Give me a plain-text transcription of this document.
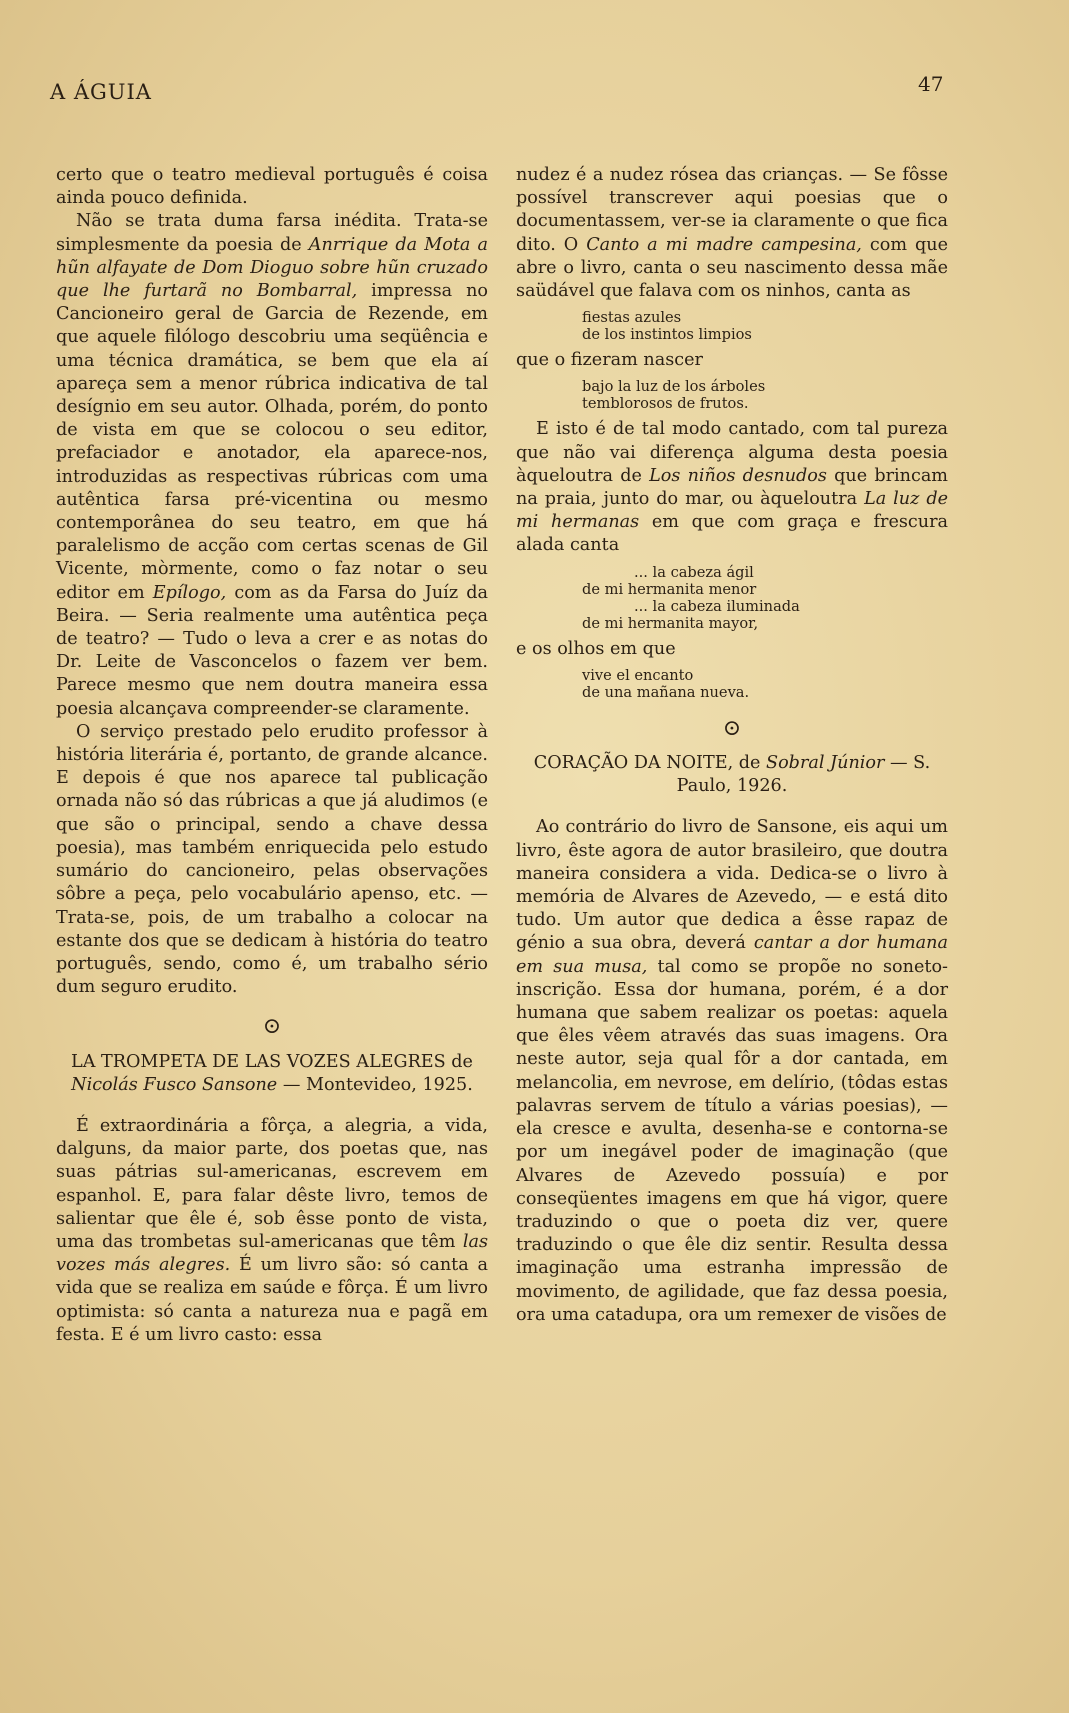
A ÁGUIA	47

certo que o teatro medieval português é coisa ainda pouco definida.

Não se trata duma farsa inédita. Trata-se simplesmente da poesia de Anrrique da Mota a hũn alfayate de Dom Dioguo sobre hũn cruzado que lhe furtarã no Bombarral, impressa no Cancioneiro geral de Garcia de Rezende, em que aquele filólogo descobriu uma seqüência e uma técnica dramática, se bem que ela aí apareça sem a menor rúbrica indicativa de tal desígnio em seu autor. Olhada, porém, do ponto de vista em que se colocou o seu editor, prefaciador e anotador, ela aparece-nos, introduzidas as respectivas rúbricas com uma autêntica farsa pré-vicentina ou mesmo contemporânea do seu teatro, em que há paralelismo de acção com certas scenas de Gil Vicente, mòrmente, como o faz notar o seu editor em Epílogo, com as da Farsa do Juíz da Beira. — Seria realmente uma autêntica peça de teatro? — Tudo o leva a crer e as notas do Dr. Leite de Vasconcelos o fazem ver bem. Parece mesmo que nem doutra maneira essa poesia alcançava compreender-se claramente.

O serviço prestado pelo erudito professor à história literária é, portanto, de grande alcance. E depois é que nos aparece tal publicação ornada não só das rúbricas a que já aludimos (e que são o principal, sendo a chave dessa poesia), mas também enriquecida pelo estudo sumário do cancioneiro, pelas observações sôbre a peça, pelo vocabulário apenso, etc. — Trata-se, pois, de um trabalho a colocar na estante dos que se dedicam à história do teatro português, sendo, como é, um trabalho sério dum seguro erudito.

⊙
LA TROMPETA DE LAS VOZES ALEGRES de Nicolás Fusco Sansone — Montevideo, 1925.

É extraordinária a fôrça, a alegria, a vida, dalguns, da maior parte, dos poetas que, nas suas pátrias sul-americanas, escrevem em espanhol. E, para falar dêste livro, temos de salientar que êle é, sob êsse ponto de vista, uma das trombetas sul-americanas que têm las vozes más alegres. É um livro são: só canta a vida que se realiza em saúde e fôrça. É um livro optimista: só canta a natureza nua e pagã em festa. E é um livro casto: essa

nudez é a nudez rósea das crianças. — Se fôsse possível transcrever aqui poesias que o documentassem, ver-se ia claramente o que fica dito. O Canto a mi madre campesina, com que abre o livro, canta o seu nascimento dessa mãe saüdável que falava com os ninhos, canta as

fiestas azules
de los instintos limpios

que o fizeram nascer

bajo la luz de los árboles
temblorosos de frutos.

E isto é de tal modo cantado, com tal pureza que não vai diferença alguma desta poesia àqueloutra de Los niños desnudos que brincam na praia, junto do mar, ou àqueloutra La luz de mi hermanas em que com graça e frescura alada canta

... la cabeza ágil
de mi hermanita menor
... la cabeza iluminada
de mi hermanita mayor,

e os olhos em que

vive el encanto
de una mañana nueva.
⊙
CORAÇÃO DA NOITE, de Sobral Júnior — S. Paulo, 1926.

Ao contrário do livro de Sansone, eis aqui um livro, êste agora de autor brasileiro, que doutra maneira considera a vida. Dedica-se o livro à memória de Alvares de Azevedo, — e está dito tudo. Um autor que dedica a êsse rapaz de génio a sua obra, deverá cantar a dor humana em sua musa, tal como se propõe no soneto-inscrição. Essa dor humana, porém, é a dor humana que sabem realizar os poetas: aquela que êles vêem através das suas imagens. Ora neste autor, seja qual fôr a dor cantada, em melancolia, em nevrose, em delírio, (tôdas estas palavras servem de título a várias poesias), — ela cresce e avulta, desenha-se e contorna-se por um inegável poder de imaginação (que Alvares de Azevedo possuía) e por conseqüentes imagens em que há vigor, quere traduzindo o que o poeta diz ver, quere traduzindo o que êle diz sentir. Resulta dessa imaginação uma estranha impressão de movimento, de agilidade, que faz dessa poesia, ora uma catadupa, ora um remexer de visões de
